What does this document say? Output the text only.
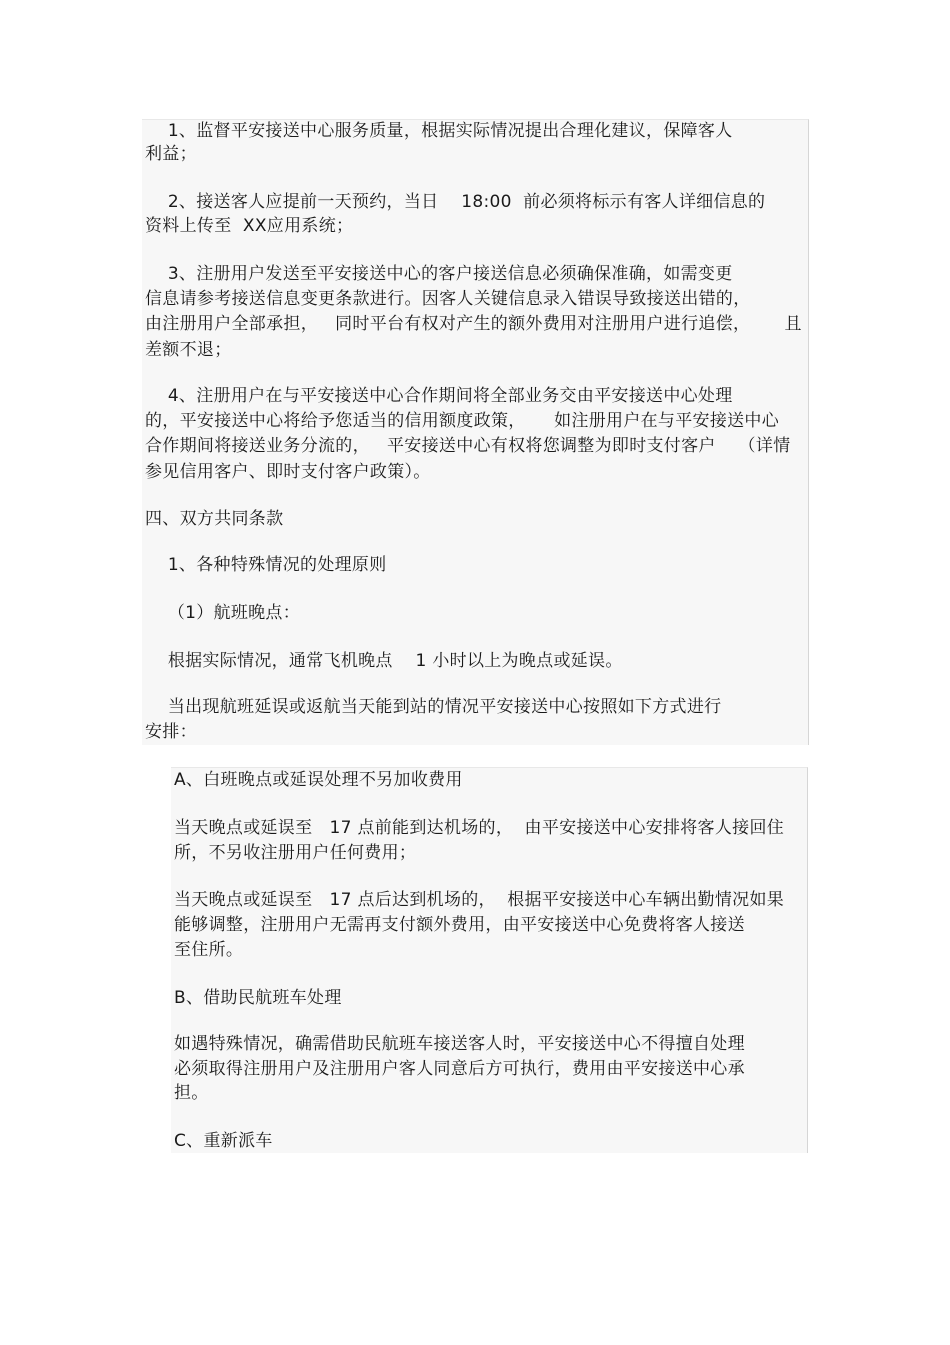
1、监督平安接送中心服务质量，根据实际情况提出合理化建议，保障客人
利益；
2、接送客人应提前一天预约，当日    18:00  前必须将标示有客人详细信息的
资料上传至  XX应用系统；
3、注册用户发送至平安接送中心的客户接送信息必须确保准确，如需变更
信息请参考接送信息变更条款进行。因客人关键信息录入错误导致接送出错的，
由注册用户全部承担，   同时平台有权对产生的额外费用对注册用户进行追偿，      且
差额不退；
4、注册用户在与平安接送中心合作期间将全部业务交由平安接送中心处理
的，平安接送中心将给予您适当的信用额度政策，     如注册用户在与平安接送中心
合作期间将接送业务分流的，   平安接送中心有权将您调整为即时支付客户    （详情
参见信用客户、即时支付客户政策）。
四、双方共同条款
1、各种特殊情况的处理原则
（1）航班晚点：
根据实际情况，通常飞机晚点    1 小时以上为晚点或延误。
当出现航班延误或返航当天能到站的情况平安接送中心按照如下方式进行
安排：
A、白班晚点或延误处理不另加收费用
当天晚点或延误至   17 点前能到达机场的，  由平安接送中心安排将客人接回住
所，不另收注册用户任何费用；
当天晚点或延误至   17 点后达到机场的，  根据平安接送中心车辆出勤情况如果
能够调整，注册用户无需再支付额外费用，由平安接送中心免费将客人接送
至住所。
B、借助民航班车处理
如遇特殊情况，确需借助民航班车接送客人时，平安接送中心不得擅自处理
必须取得注册用户及注册用户客人同意后方可执行，费用由平安接送中心承
担。
C、重新派车
